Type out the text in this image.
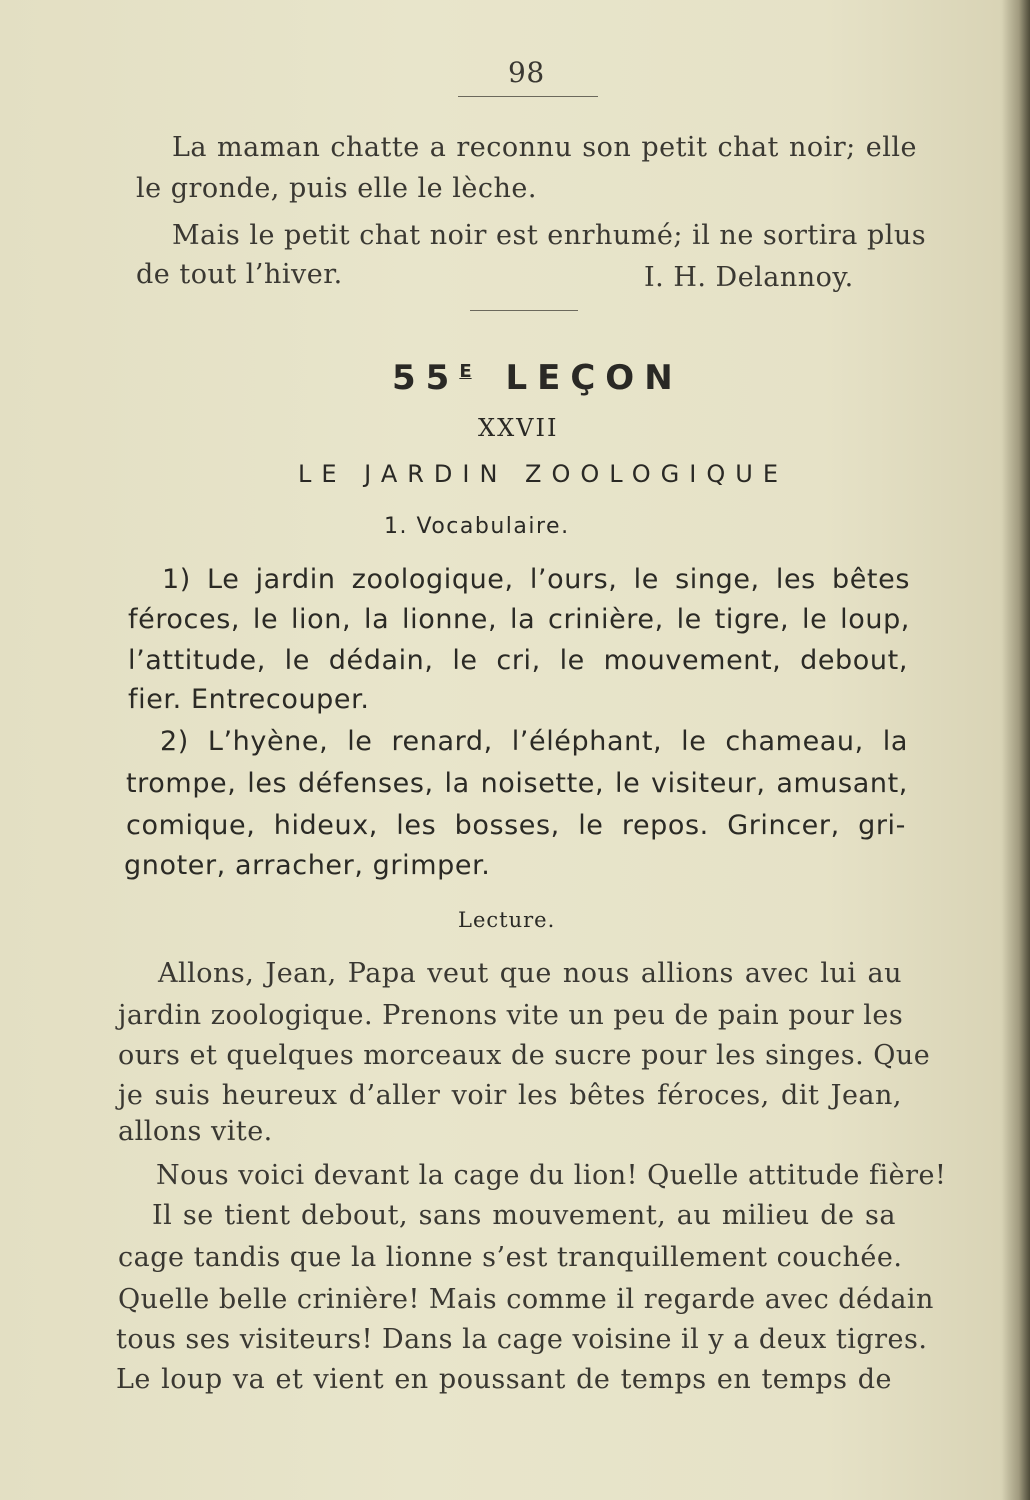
98
La maman chatte a reconnu son petit chat noir; elle
le gronde, puis elle le lèche.
Mais le petit chat noir est enrhumé; il ne sortira plus
de tout l’hiver.	I. H. Delannoy.
$55^E$ LEÇON
XXVII
LE JARDIN ZOOLOGIQUE
1. Vocabulaire.
1) Le jardin zoologique, l’ours, le singe, les bêtes
féroces, le lion, la lionne, la crinière, le tigre, le loup,
l’attitude, le dédain, le cri, le mouvement, debout,
fier. Entrecouper.
2) L’hyène, le renard, l’éléphant, le chameau, la
trompe, les défenses, la noisette, le visiteur, amusant,
comique, hideux, les bosses, le repos. Grincer, gri-
gnoter, arracher, grimper.
Lecture.
Allons, Jean, Papa veut que nous allions avec lui au
jardin zoologique. Prenons vite un peu de pain pour les
ours et quelques morceaux de sucre pour les singes. Que
je suis heureux d’aller voir les bêtes féroces, dit Jean,
allons vite.
Nous voici devant la cage du lion! Quelle attitude fière!
Il se tient debout, sans mouvement, au milieu de sa
cage tandis que la lionne s’est tranquillement couchée.
Quelle belle crinière! Mais comme il regarde avec dédain
tous ses visiteurs! Dans la cage voisine il y a deux tigres.
Le loup va et vient en poussant de temps en temps de
